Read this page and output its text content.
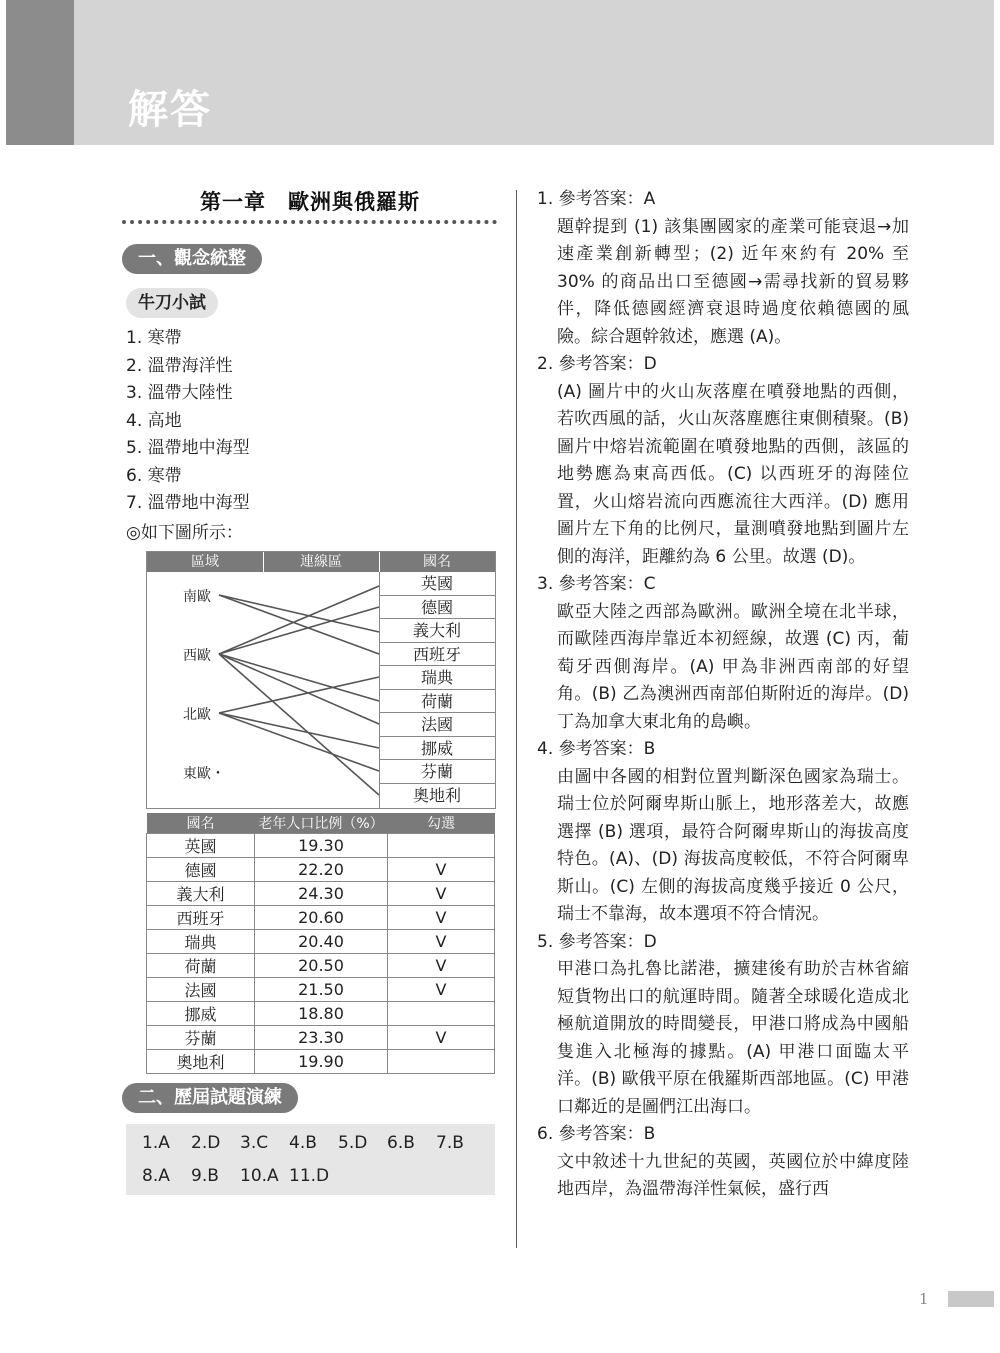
解答
第一章　歐洲與俄羅斯
一、觀念統整
牛刀小試
1. 寒帶
2. 溫帶海洋性
3. 溫帶大陸性
4. 高地
5. 溫帶地中海型
6. 寒帶
7. 溫帶地中海型
◎如下圖所示：
區域	連線區	國名
南歐
西歐
北歐
東歐・
英國
德國
義大利
西班牙
瑞典
荷蘭
法國
挪威
芬蘭
奧地利
國名	老年人口比例（%）	勾選
英國	19.30	
德國	22.20	V
義大利	24.30	V
西班牙	20.60	V
瑞典	20.40	V
荷蘭	20.50	V
法國	21.50	V
挪威	18.80	
芬蘭	23.30	V
奧地利	19.90	
二、歷屆試題演練
1.A	2.D	3.C	4.B	5.D	6.B	7.B
8.A	9.B	10.A 11.D
1. 參考答案：A
題幹提到 (1) 該集團國家的產業可能衰退→加速產業創新轉型；(2) 近年來約有 20% 至 30% 的商品出口至德國→需尋找新的貿易夥伴，降低德國經濟衰退時過度依賴德國的風險。綜合題幹敘述，應選 (A)。
2. 參考答案：D
(A) 圖片中的火山灰落塵在噴發地點的西側，若吹西風的話，火山灰落塵應往東側積聚。(B) 圖片中熔岩流範圍在噴發地點的西側，該區的地勢應為東高西低。(C) 以西班牙的海陸位置，火山熔岩流向西應流往大西洋。(D) 應用圖片左下角的比例尺，量測噴發地點到圖片左側的海洋，距離約為 6 公里。故選 (D)。
3. 參考答案：C
歐亞大陸之西部為歐洲。歐洲全境在北半球，而歐陸西海岸靠近本初經線，故選 (C) 丙，葡萄牙西側海岸。(A) 甲為非洲西南部的好望角。(B) 乙為澳洲西南部伯斯附近的海岸。(D) 丁為加拿大東北角的島嶼。
4. 參考答案：B
由圖中各國的相對位置判斷深色國家為瑞士。瑞士位於阿爾卑斯山脈上，地形落差大，故應選擇 (B) 選項，最符合阿爾卑斯山的海拔高度特色。(A)、(D) 海拔高度較低，不符合阿爾卑斯山。(C) 左側的海拔高度幾乎接近 0 公尺，瑞士不靠海，故本選項不符合情況。
5. 參考答案：D
甲港口為扎魯比諾港，擴建後有助於吉林省縮短貨物出口的航運時間。隨著全球暖化造成北極航道開放的時間變長，甲港口將成為中國船隻進入北極海的據點。(A) 甲港口面臨太平洋。(B) 歐俄平原在俄羅斯西部地區。(C) 甲港口鄰近的是圖們江出海口。
6. 參考答案：B
文中敘述十九世紀的英國，英國位於中緯度陸地西岸，為溫帶海洋性氣候，盛行西
1
